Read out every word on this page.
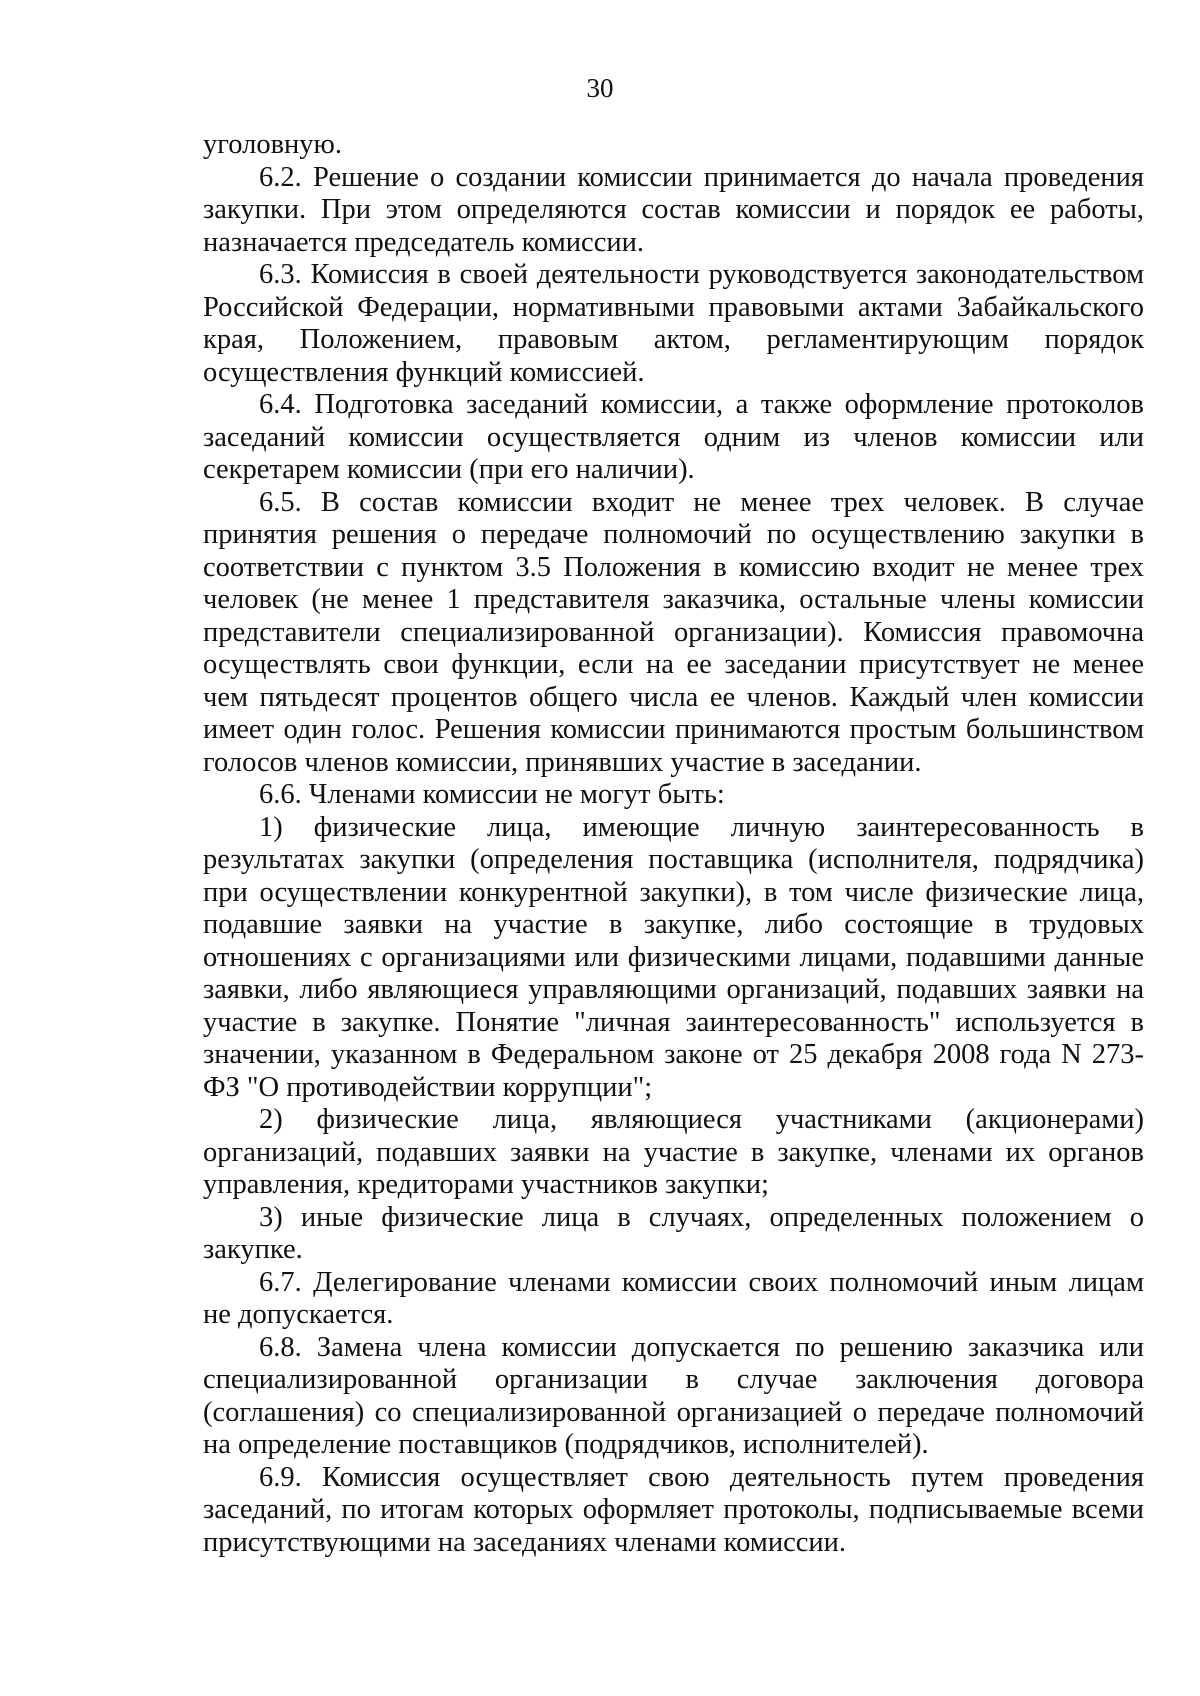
30

уголовную.

6.2. Решение о создании комиссии принимается до начала проведения закупки. При этом определяются состав комиссии и порядок ее работы, назначается председатель комиссии.

6.3. Комиссия в своей деятельности руководствуется законодательством Российской Федерации, нормативными правовыми актами Забайкальского края, Положением, правовым актом, регламентирующим порядок осуществления функций комиссией.

6.4. Подготовка заседаний комиссии, а также оформление протоколов заседаний комиссии осуществляется одним из членов комиссии или секретарем комиссии (при его наличии).

6.5. В состав комиссии входит не менее трех человек. В случае принятия решения о передаче полномочий по осуществлению закупки в соответствии с пунктом 3.5 Положения в комиссию входит не менее трех человек (не менее 1 представителя заказчика, остальные члены комиссии представители специализированной организации). Комиссия правомочна осуществлять свои функции, если на ее заседании присутствует не менее чем пятьдесят процентов общего числа ее членов. Каждый член комиссии имеет один голос. Решения комиссии принимаются простым большинством голосов членов комиссии, принявших участие в заседании.

6.6. Членами комиссии не могут быть:

1) физические лица, имеющие личную заинтересованность в результатах закупки (определения поставщика (исполнителя, подрядчика) при осуществлении конкурентной закупки), в том числе физические лица, подавшие заявки на участие в закупке, либо состоящие в трудовых отношениях с организациями или физическими лицами, подавшими данные заявки, либо являющиеся управляющими организаций, подавших заявки на участие в закупке. Понятие "личная заинтересованность" используется в значении, указанном в Федеральном законе от 25 декабря 2008 года N 273-ФЗ "О противодействии коррупции";

2) физические лица, являющиеся участниками (акционерами) организаций, подавших заявки на участие в закупке, членами их органов управления, кредиторами участников закупки;

3) иные физические лица в случаях, определенных положением о закупке.

6.7. Делегирование членами комиссии своих полномочий иным лицам не допускается.

6.8. Замена члена комиссии допускается по решению заказчика или специализированной организации в случае заключения договора (соглашения) со специализированной организацией о передаче полномочий на определение поставщиков (подрядчиков, исполнителей).

6.9. Комиссия осуществляет свою деятельность путем проведения заседаний, по итогам которых оформляет протоколы, подписываемые всеми присутствующими на заседаниях членами комиссии.
